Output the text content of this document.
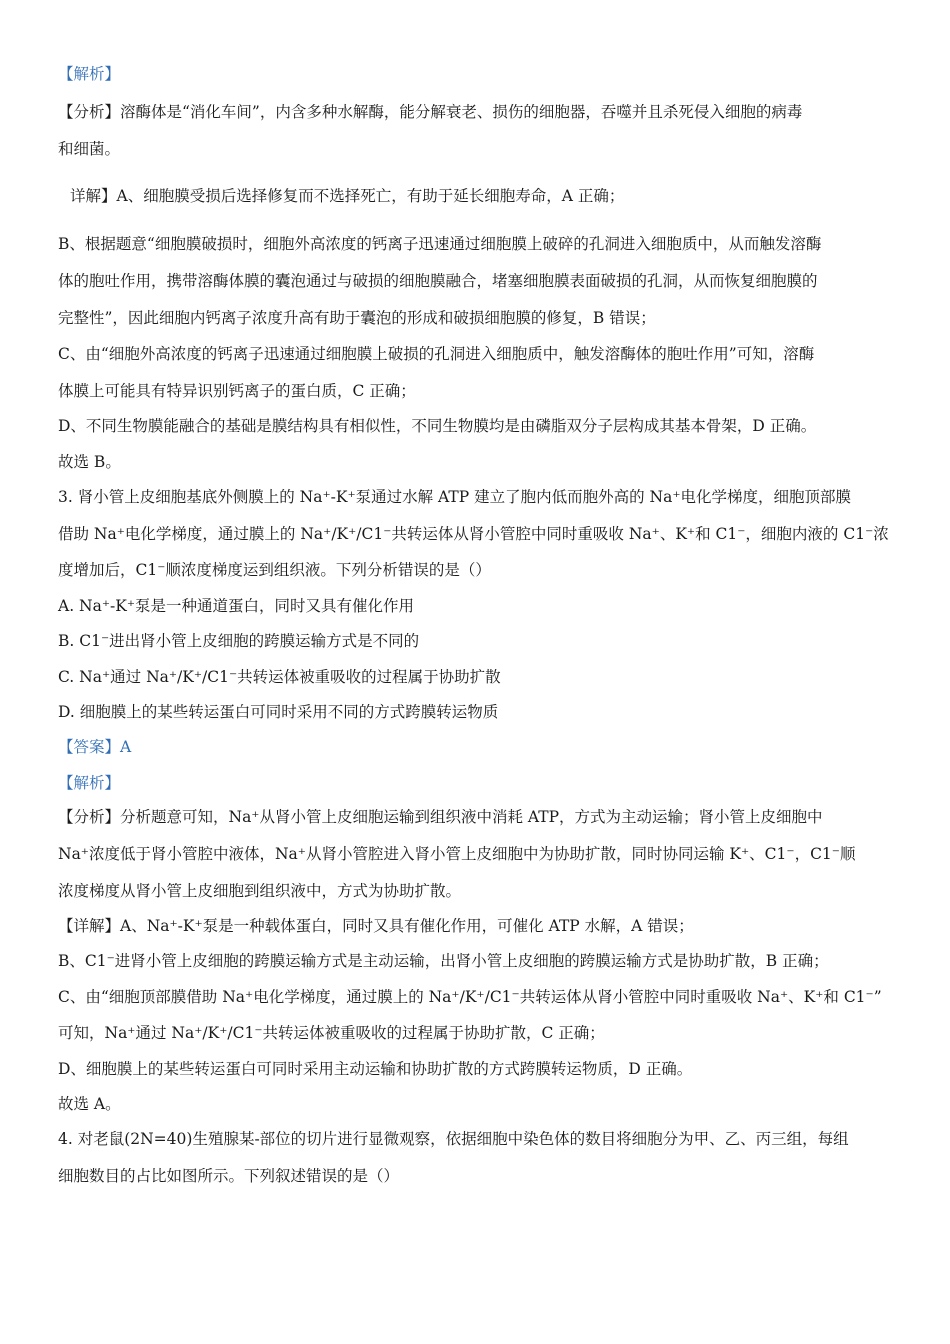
【解析】
【分析】溶酶体是“消化车间”，内含多种水解酶，能分解衰老、损伤的细胞器，吞噬并且杀死侵入细胞的病毒
和细菌。
详解】A、细胞膜受损后选择修复而不选择死亡，有助于延长细胞寿命，A 正确；
B、根据题意“细胞膜破损时，细胞外高浓度的钙离子迅速通过细胞膜上破碎的孔洞进入细胞质中，从而触发溶酶
体的胞吐作用，携带溶酶体膜的囊泡通过与破损的细胞膜融合，堵塞细胞膜表面破损的孔洞，从而恢复细胞膜的
完整性”，因此细胞内钙离子浓度升高有助于囊泡的形成和破损细胞膜的修复，B 错误；
C、由“细胞外高浓度的钙离子迅速通过细胞膜上破损的孔洞进入细胞质中，触发溶酶体的胞吐作用”可知，溶酶
体膜上可能具有特异识别钙离子的蛋白质，C 正确；
D、不同生物膜能融合的基础是膜结构具有相似性，不同生物膜均是由磷脂双分子层构成其基本骨架，D 正确。
故选 B。
3. 肾小管上皮细胞基底外侧膜上的 Na⁺-K⁺泵通过水解 ATP 建立了胞内低而胞外高的 Na⁺电化学梯度，细胞顶部膜
借助 Na⁺电化学梯度，通过膜上的 Na⁺/K⁺/C1⁻共转运体从肾小管腔中同时重吸收 Na⁺、K⁺和 C1⁻，细胞内液的 C1⁻浓
度增加后，C1⁻顺浓度梯度运到组织液。下列分析错误的是（）
A. Na⁺-K⁺泵是一种通道蛋白，同时又具有催化作用
B. C1⁻进出肾小管上皮细胞的跨膜运输方式是不同的
C. Na⁺通过 Na⁺/K⁺/C1⁻共转运体被重吸收的过程属于协助扩散
D. 细胞膜上的某些转运蛋白可同时采用不同的方式跨膜转运物质
【答案】A
【解析】
【分析】分析题意可知，Na⁺从肾小管上皮细胞运输到组织液中消耗 ATP，方式为主动运输；肾小管上皮细胞中
Na⁺浓度低于肾小管腔中液体，Na⁺从肾小管腔进入肾小管上皮细胞中为协助扩散，同时协同运输 K⁺、C1⁻，C1⁻顺
浓度梯度从肾小管上皮细胞到组织液中，方式为协助扩散。
【详解】A、Na⁺-K⁺泵是一种载体蛋白，同时又具有催化作用，可催化 ATP 水解，A 错误；
B、C1⁻进肾小管上皮细胞的跨膜运输方式是主动运输，出肾小管上皮细胞的跨膜运输方式是协助扩散，B 正确；
C、由“细胞顶部膜借助 Na⁺电化学梯度，通过膜上的 Na⁺/K⁺/C1⁻共转运体从肾小管腔中同时重吸收 Na⁺、K⁺和 C1⁻”
可知，Na⁺通过 Na⁺/K⁺/C1⁻共转运体被重吸收的过程属于协助扩散，C 正确；
D、细胞膜上的某些转运蛋白可同时采用主动运输和协助扩散的方式跨膜转运物质，D 正确。
故选 A。
4. 对老鼠(2N=40)生殖腺某-部位的切片进行显微观察，依据细胞中染色体的数目将细胞分为甲、乙、丙三组，每组
细胞数目的占比如图所示。下列叙述错误的是（）
